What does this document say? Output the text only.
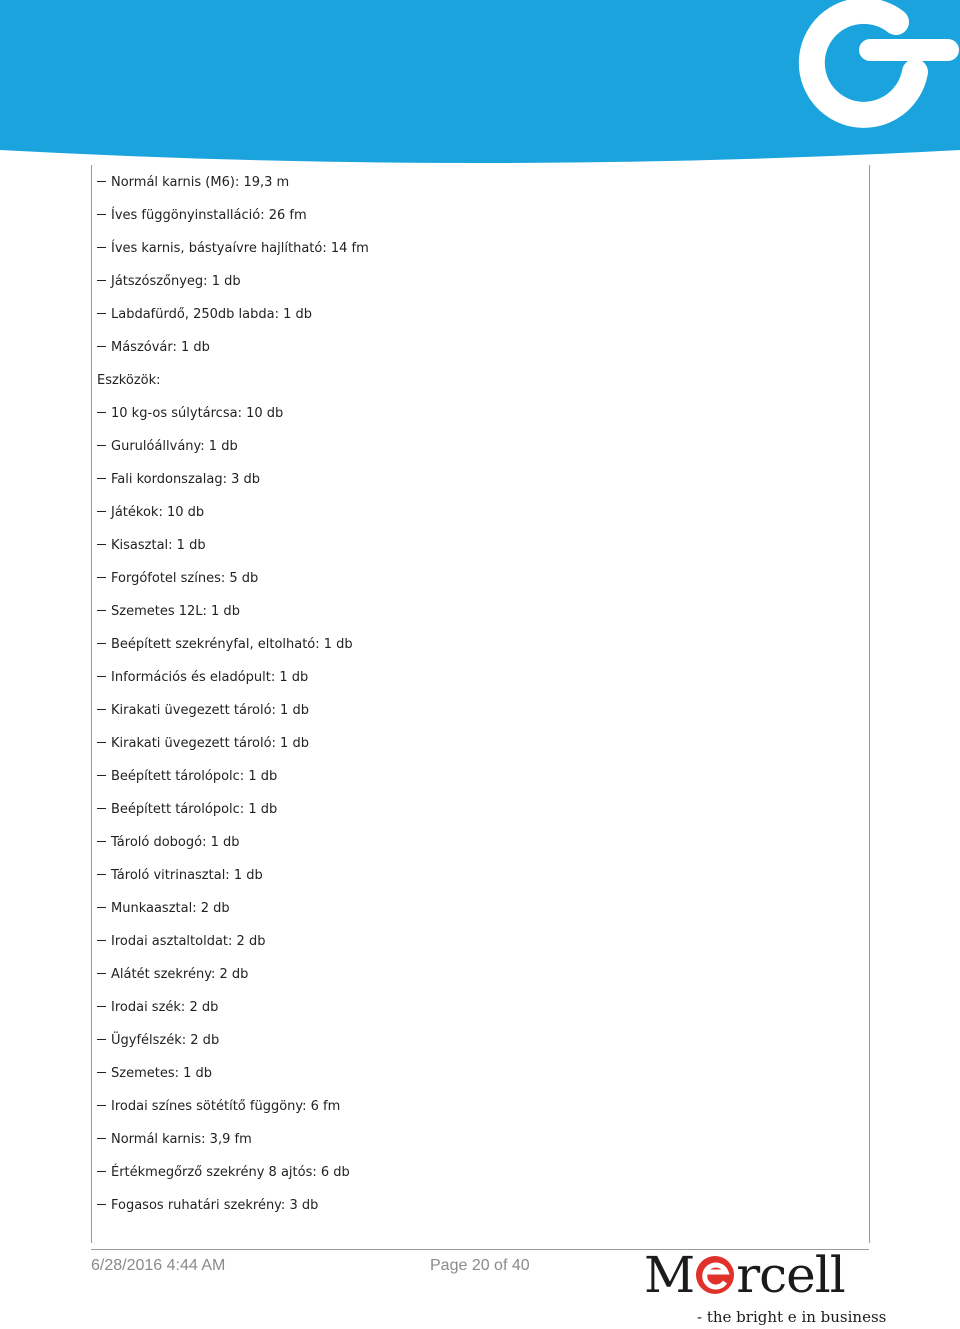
Normál karnis (M6): 19,3 m
Íves függönyinstalláció: 26 fm
Íves karnis, bástyaívre hajlítható: 14 fm
Játszószőnyeg: 1 db
Labdafürdő, 250db labda: 1 db
Mászóvár: 1 db
Eszközök:
10 kg-os súlytárcsa: 10 db
Gurulóállvány: 1 db
Fali kordonszalag: 3 db
Játékok: 10 db
Kisasztal: 1 db
Forgófotel színes: 5 db
Szemetes 12L: 1 db
Beépített szekrényfal, eltolható: 1 db
Információs és eladópult: 1 db
Kirakati üvegezett tároló: 1 db
Kirakati üvegezett tároló: 1 db
Beépített tárolópolc: 1 db
Beépített tárolópolc: 1 db
Tároló dobogó: 1 db
Tároló vitrinasztal: 1 db
Munkaasztal: 2 db
Irodai asztaltoldat: 2 db
Alátét szekrény: 2 db
Irodai szék: 2 db
Ügyfélszék: 2 db
Szemetes: 1 db
Irodai színes sötétítő függöny: 6 fm
Normál karnis: 3,9 fm
Értékmegőrző szekrény 8 ajtós: 6 db
Fogasos ruhatári szekrény: 3 db
6/28/2016 4:44 AM	Page 20 of 40 M rcell
- the bright e in business
